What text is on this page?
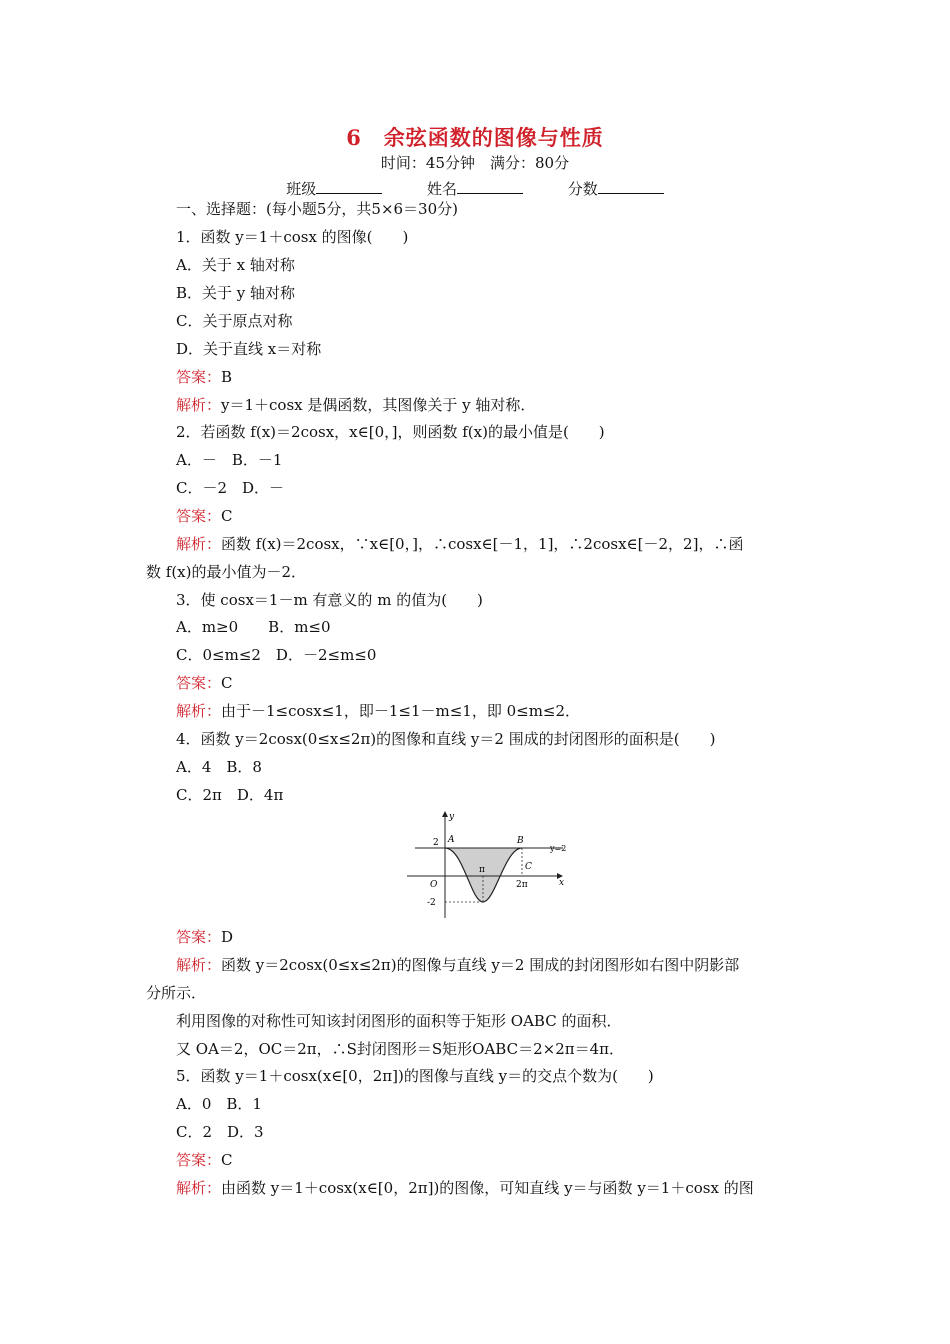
6　余弦函数的图像与性质
时间：45分钟　满分：80分
班级	姓名	分数
一、选择题：(每小题5分，共5×6＝30分)
1．函数 y＝1＋cosx 的图像(　　)
A．关于 x 轴对称
B．关于 y 轴对称
C．关于原点对称
D．关于直线 x＝对称
答案：B
解析：y＝1＋cosx 是偶函数，其图像关于 y 轴对称．
2．若函数 f(x)＝2cosx，x∈[0，]，则函数 f(x)的最小值是(　　)
A．－　B．－1
C．－2　D．－
答案：C
解析：函数 f(x)＝2cosx，∵x∈[0，]，∴cosx∈[－1，1]，∴2cosx∈[－2，2]，∴函
数 f(x)的最小值为－2．
3．使 cosx＝1－m 有意义的 m 的值为(　　)
A．m≥0　　B．m≤0
C．0≤m≤2　D．－2≤m≤0
答案：C
解析：由于－1≤cosx≤1，即－1≤1－m≤1，即 0≤m≤2．
4．函数 y＝2cosx(0≤x≤2π)的图像和直线 y＝2 围成的封闭图形的面积是(　　)
A．4　B．8
C．2π　D．4π
答案：D
解析：函数 y＝2cosx(0≤x≤2π)的图像与直线 y＝2 围成的封闭图形如右图中阴影部
分所示．
利用图像的对称性可知该封闭图形的面积等于矩形 OABC 的面积．
又 OA＝2，OC＝2π，∴S封闭图形＝S矩形OABC＝2×2π＝4π．
5．函数 y＝1＋cosx(x∈[0，2π])的图像与直线 y＝的交点个数为(　　)
A．0　B．1
C．2　D．3
答案：C
解析：由函数 y＝1＋cosx(x∈[0，2π])的图像，可知直线 y＝与函数 y＝1＋cosx 的图
y
x
O
2
-2
π
2π
A	B
C
y=2
